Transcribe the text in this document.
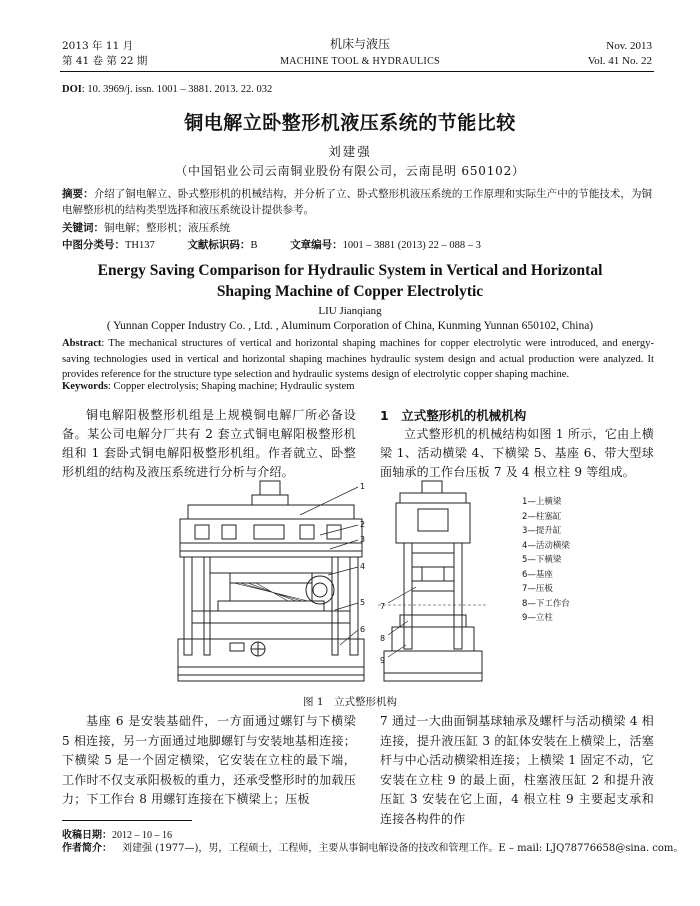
2013 年 11 月
第 41 卷 第 22 期
机床与液压
MACHINE TOOL & HYDRAULICS
Nov. 2013
Vol. 41 No. 22
DOI: 10. 3969/j. issn. 1001 – 3881. 2013. 22. 032
铜电解立卧整形机液压系统的节能比较
刘建强
（中国铝业公司云南铜业股份有限公司，云南昆明 650102）
摘要：介绍了铜电解立、卧式整形机的机械结构，并分析了立、卧式整形机液压系统的工作原理和实际生产中的节能技术，为铜电解整形机的结构类型选择和液压系统设计提供参考。
关键词：铜电解；整形机；液压系统
中图分类号：TH137	文献标识码：B	文章编号：1001 – 3881 (2013) 22 – 088 – 3
Energy Saving Comparison for Hydraulic System in Vertical and Horizontal
Shaping Machine of Copper Electrolytic
LIU Jianqiang
( Yunnan Copper Industry Co. , Ltd. , Aluminum Corporation of China, Kunming Yunnan 650102, China)
Abstract: The mechanical structures of vertical and horizontal shaping machines for copper electrolytic were introduced, and energy-saving technologies used in vertical and horizontal shaping machines hydraulic system design and actual production were analyzed. It provides reference for the structure type selection and hydraulic systems design of electrolytic copper shaping machine.
Keywords: Copper electrolysis; Shaping machine; Hydraulic system
铜电解阳极整形机组是上规模铜电解厂所必备设备。某公司电解分厂共有 2 套立式铜电解阳极整形机组和 1 套卧式铜电解阳极整形机组。作者就立、卧整形机组的结构及液压系统进行分析与介绍。
1　立式整形机的机械机构
立式整形机的机械结构如图 1 所示，它由上横梁 1、活动横梁 4、下横梁 5、基座 6、带大型球面轴承的工作台压板 7 及 4 根立柱 9 等组成。
1
2
3
4
5
6
7
8
9
1—上横梁
2—柱塞缸
3—提升缸
4—活动横梁
5—下横梁
6—基座
7—压板
8—下工作台
9—立柱
图 1　立式整形机构
基座 6 是安装基础件，一方面通过螺钉与下横梁 5 相连接，另一方面通过地脚螺钉与安装地基相连接；下横梁 5 是一个固定横梁，它安装在立柱的最下端，工作时不仅支承阳极板的重力，还承受整形时的加载压力；下工作台 8 用螺钉连接在下横梁上；压板
7 通过一大曲面铜基球轴承及螺杆与活动横梁 4 相连接，提升液压缸 3 的缸体安装在上横梁上，活塞杆与中心活动横梁相连接；上横梁 1 固定不动，它安装在立柱 9 的最上面，柱塞液压缸 2 和提升液压缸 3 安装在它上面，4 根立柱 9 主要起支承和连接各构件的作
收稿日期：2012 – 10 – 16
作者简介： 刘建强 (1977—)，男，工程硕士，工程师，主要从事铜电解设备的技改和管理工作。E – mail: LJQ78776658@sina. com。
